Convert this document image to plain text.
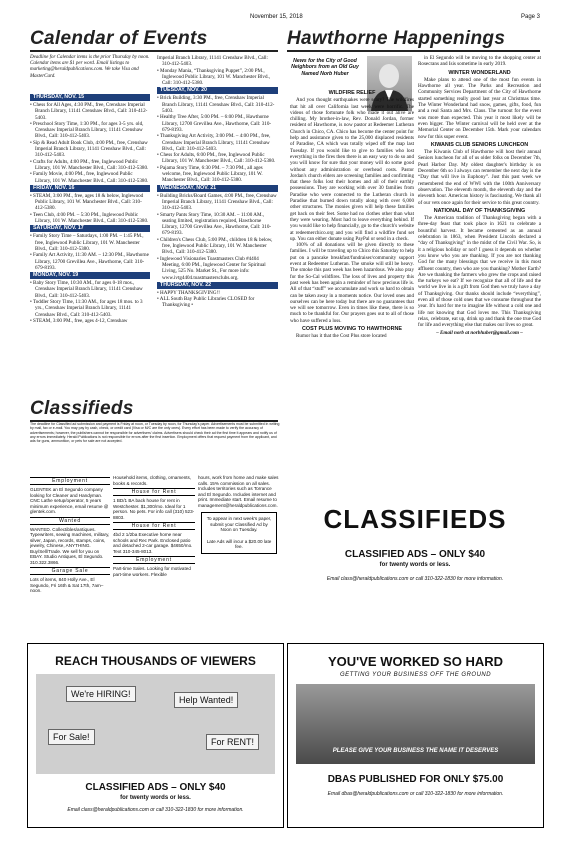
November 15, 2018	Page 3
Calendar of Events
Deadline for Calendar items is the prior Thursday by noon. Calendar items are $1 per word. Email listings to marketing@heraldpublications.com. We take Visa and MasterCard.
THURSDAY, NOV. 15

• Chess for All Ages, 4:30 PM., free, Crenshaw Imperial Branch Library, 11141 Crenshaw Blvd., Call: 310-412-5403.

• Preschool Story Time, 1:30 PM., for ages 3-5 yrs. old, Crenshaw Imperial Branch Library, 11141 Crenshaw Blvd., Call: 310-412-5403.

• Sip & Read Adult Book Club, 4:00 PM., free, Crenshaw Imperial Branch Library, 11141 Crenshaw Blvd., Call: 310-412-5403.

• Crafts for Adults, 4:00 PM., free, Inglewood Public Library, 101 W. Manchester Blvd., Call: 310-412-5380.

• Family Movie, 4:00 PM., free, Inglewood Public Library, 101 W. Manchester Blvd., Call: 310-412-5380.

FRIDAY, NOV. 16

• STEAM, 3:00 PM., free, ages 18 & below, Inglewood Public Library, 101 W. Manchester Blvd., Call: 310-412-5380.

• Teen Club, 4:00 PM. – 5:30 PM., Inglewood Public Library, 101 W. Manchester Blvd., Call: 310-412-5380.

SATURDAY, NOV. 17

• Family Story Time – Saturdays, 1:00 PM. – 1:45 PM., free, Inglewood Public Library, 101 W. Manchester Blvd., Call: 310-412-5380.

• Family Art Activity, 11:30 AM. – 12:30 PM., Hawthorne Library, 12700 Grevillea Ave., Hawthorne, Call: 310-679-8193.

MONDAY, NOV. 19

• Baby Story Time, 10:30 AM., for ages 0-18 mos., Crenshaw Imperial Branch Library, 11141 Crenshaw Blvd., Call: 310-412-5403.

• Toddler Story Time, 11:30 AM., for ages 18 mos. to 3 yrs., Crenshaw Imperial Branch Library, 11141 Crenshaw Blvd., Call: 310-412-5403.

• STEAM, 3:00 PM., free, ages 4-12, Crenshaw

Imperial Branch Library, 11141 Crenshaw Blvd., Call: 310-412-5403.

• Monday Mania, “Thanksgiving Puppet”, 2:00 PM., Inglewood Public Library, 101 W. Manchester Blvd., Call: 310-412-5380.

TUESDAY, NOV. 20

• Brick Building, 3:30 PM., free, Crenshaw Imperial Branch Library, 11141 Crenshaw Blvd., Call: 310-412-5403.

• Healthy Tree After, 5:00 PM. – 6:00 PM., Hawthorne Library, 12700 Grevillea Ave., Hawthorne, Call: 310-679-8193.

• Thanksgiving Art Activity, 3:00 PM. – 4:00 PM., free, Crenshaw Imperial Branch Library, 11141 Crenshaw Blvd., Call: 310-412-5403.

• Chess for Adults, 6:00 PM., free, Inglewood Public Library, 101 W. Manchester Blvd., Call: 310-412-5380.

• Pajama Story Time, 6:30 PM. – 7:30 PM., all ages welcome, free, Inglewood Public Library, 101 W. Manchester Blvd., Call: 310-412-5380.

WEDNESDAY, NOV. 21

• Building Bricks/Board Games, 4:00 PM., free, Crenshaw Imperial Branch Library, 11141 Crenshaw Blvd., Call: 310-412-5403.

• Smarty Pants Story Time, 10:30 AM. – 11:00 AM., seating limited, registration required, Hawthorne Library, 12700 Grevillea Ave., Hawthorne, Call: 310-679-8193.

• Children's Chess Club, 5:00 PM., children 18 & below, free, Inglewood Public Library, 101 W. Manchester Blvd., Call: 310-412-5380.

• Inglewood Visionaries Toastmasters Club #4404 Meeting, 6:00 PM., Inglewood Center for Spiritual Living, 525 No. Market St., For more info: www.ivtg4404.toastmastersclubs.org.

THURSDAY, NOV. 22

• HAPPY THANKSGIVING!!

• ALL South Bay Public Libraries CLOSED for Thanksgiving •

Hawthorne Happenings
News for the City of Good Neighbors from an Old Guy Named Norb Huber
WILDFIRE RELIEF

And you thought earthquakes were scary? The wildfires that hit all over California last week were horrific. The videos of those fortunate folk who made it out alive are chilling. My brother-in-law, Rev. Donald Jordan, former resident of Hawthorne, is now pastor at Redeemer Lutheran Church in Chico, CA. Chico has become the center point for help and assistance given to the 25,000 displaced residents of Paradise, CA which was totally wiped off the map last Tuesday. If you would like to give to families who lost everything in the fires then there is an easy way to do so and you will know for sure that your money will do some good without any administration or overhead costs. Pastor Jordan's church elders are screening families and confirming that these folks lost their homes and all of their earthly possessions. They are working with over 30 families from Paradise who were connected to the Lutheran church in Paradise that burned down totally along with over 6,000 other structures. The monies given will help these families get back on their feet. Some had no clothes other than what they were wearing. Most had to leave everything behind. If you would like to help financially, go to the church's website at redeemerchico.org and you will find a wildfire fund set up. You can either donate using PayPal or send in a check.

100% of all donations will be given directly to these families. I will be traveling up to Chico this Saturday to help put on a pancake breakfast/fundraiser/community support event at Redeemer Lutheran. The smoke will still be heavy. The smoke this past week has been hazardous. We also pray for the So-Cal wildfires. The loss of lives and property this past week has been again a reminder of how precious life is. All of that “stuff” we accumulate and work so hard to obtain can be taken away in a moments notice. Our loved ones and ourselves can be here today but there are no guarantees that we will see tomorrow. Even in times like these, there is so much to be thankful for. Our prayers goes out to all of those who have suffered a loss.

COST PLUS MOVING TO HAWTHORNE

Rumor has it that the Cost Plus store located

in El Segundo will be moving to the shopping center at Rosecrans and Isis sometime in early 2019.

WINTER WONDERLAND

Make plans to attend one of the most fun events in Hawthorne all year. The Parks and Recreation and Community Services Department of the City of Hawthorne started something really good last year at Christmas time. The Winter Wonderland had snow, games, gifts, food, fun and a real Santa and Mrs. Claus. The turnout for the event was more than expected. This year it most likely will be even bigger. The Winter carnival will be held over at the Memorial Center on December 15th. Mark your calendars now for this super event.

KIWANIS CLUB SENIORS LUNCHEON

The Kiwanis Club of Hawthorne will host their annual Seniors luncheon for all of us older folks on December 7th, Pearl Harbor Day. My oldest daughter's birthday is on December 6th so I always can remember the next day is the “Day that will live in Euphony”. Just this past week we remembered the end of WWI with the 100th Anniversary observation. The eleventh month, the eleventh day and the eleventh hour. American history is fascinating. We thank all of our vets once again for their service to this great country.

NATIONAL DAY OF THANKSGIVING

The American tradition of Thanksgiving began with a three-day feast that took place in 1621 to celebrate a bountiful harvest. It became cemented as an annual celebration in 1863, when President Lincoln declared a “day of Thanksgiving” in the midst of the Civil War. So, is it a religious holiday or not? I guess it depends on whether you know who you are thanking. If you are not thanking God for the many blessings that we receive in this most affluent country, then who are you thanking? Mother Earth? Are we thanking the farmers who grew the crops and raised the turkeys we eat? If we recognize that all of life and the world we live in is a gift from God then we truly have a day of Thanksgiving. Our thanks should include “everything”, even all of those cold ones that we consume throughout the year. It's hard for me to imagine life without a cold one and life not knowing that God loves me. This Thanksgiving relax, celebrate, eat up, drink up and thank the one true God for life and everything else that makes our lives so great.

– Email norb at norbhuber@gmail.com –
Classifieds
The deadline for Classified ad submission and payment is Friday at noon, or Tuesday by noon, for Thursday's paper. Advertisements must be submitted in writing by mail, fax or e-mail. You may pay by cash, check, or credit card (Visa or M/C are the only ones). Every effort has been made to verify the accuracy of advertisements; however, the publishers cannot be responsible for advertisers' claims. Advertisers should check their ad the first time it appears and notify us of any errors immediately. Herald Publications is not responsible for errors after the first insertion. Employment offers that request payment from the applicant, and ads for guns, ammunition, or pets for sale are not accepted.
Employment
GLENTEK an El Segundo company looking for Cleaner and Handyman. CNC Lathe setup/operator, 5 years minimum experience, email resume @ glentek.com.
Wanted
WANTED. Collectibles/antiques. Typewriters, sewing machines, military, silver, Japan, records, stamps, coins, jewelry, Chinese, ANYTHING. Buy/Sell/Trade. We sell for you on EBAY. Studio Antiques, El Segundo. 310.322.3866.
Garage Sale
Lots of items, 840 Holly Ave., El Segundo, Fri 16th & Sat 17th, 7am–noon.
Household items, clothing, ornaments, books & records.
House for Rent
1 BD/1 BA back house for rent in Westchester. $1,300/mo. Ideal for 1 person. No pets. For info call (310) 523-8803.
House for Rent
4bd 2 1/2ba Executive home near schools and Rec Park. Enclosed patio and detached 2-car garage. $4650/mo. Text 310-345-8013.
Employment
Part-time Sales. Looking for motivated part-time workers. Flexible
hours, work from home and make sales calls. 15% commission on all sales. Includes territories such as Torrance and El Segundo. Includes internet and print. Immediate start. Email resume to management@heraldpublications.com.
To appear in next week's paper, submit your Classified Ad by Noon on Tuesday.
Late Ads will incur a $20.00 late fee.
CLASSIFIEDS
CLASSIFIED ADS – ONLY $40
for twenty words or less.
Email class@heraldpublications.com or call 310-322-1830 for more information.
REACH THOUSANDS OF VIEWERS
We're HIRING!
Help Wanted!
For Sale!	For RENT!
CLASSIFIED ADS – ONLY $40
for twenty words or less.
Email class@heraldpublications.com or call 310-322-1830 for more information.
YOU'VE WORKED SO HARD
GETTING YOUR BUSINESS OFF THE GROUND
PLEASE GIVE YOUR BUSINESS THE NAME IT DESERVES
DBAS PUBLISHED FOR ONLY $75.00
Email dbas@heraldpublications.com or call 310-322-1830 for more information.
